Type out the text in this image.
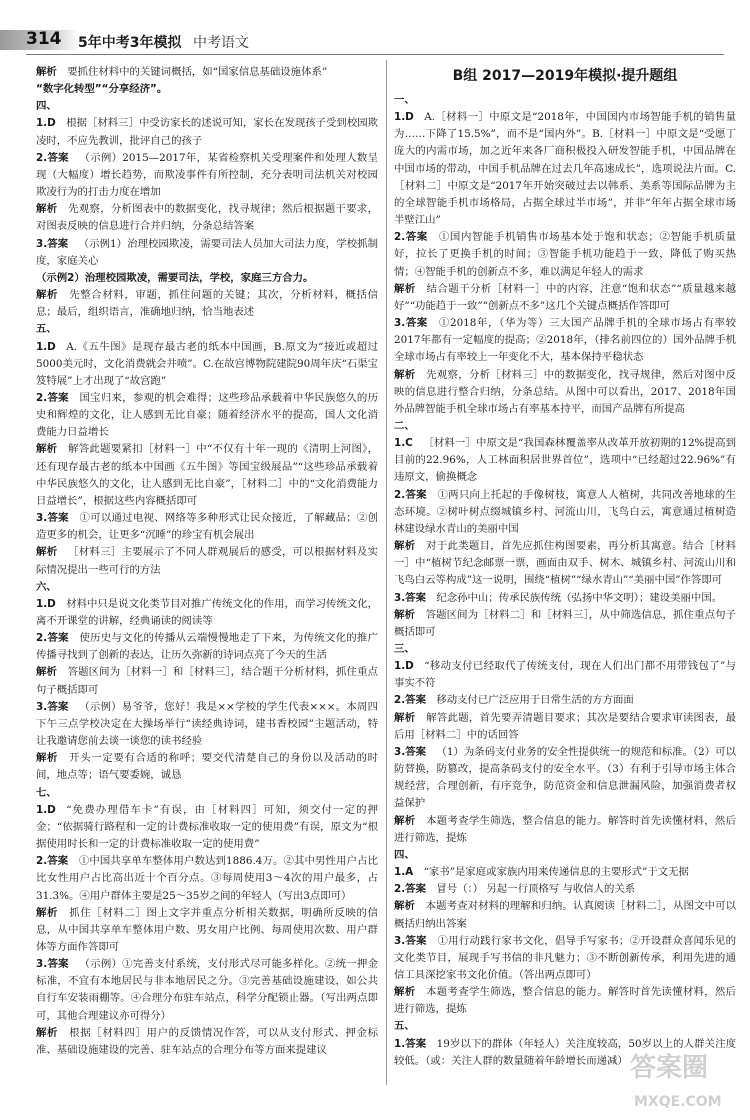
314 5年中考3年模拟 中考语文
解析  要抓住材料中的关键词概括，如“国家信息基础设施体系”
“数字化转型”“分享经济”。
四、
1.D  根据［材料三］中受访家长的述说可知，家长在发现孩子受到校园欺凌时，不应先教训，批评自己的孩子
2.答案  （示例）2015—2017年，某省检察机关受理案件和处理人数呈现（大幅度）增长趋势，而欺凌事件有所控制，充分表明司法机关对校园欺凌行为的打击力度在增加
解析  先观察，分析图表中的数据变化，找寻规律；然后根据题干要求，对图表反映的信息进行合并归纳，分条总结答案
3.答案  （示例1）治理校园欺凌，需要司法人员加大司法力度，学校抓制度，家庭关心
（示例2）治理校园欺凌，需要司法，学校，家庭三方合力。
解析  先整合材料，审题，抓住问题的关键；其次，分析材料，概括信息；最后，组织语言，准确地归纳，恰当地表述
五、
1.D  A.《五牛图》是现存最古老的纸本中国画，B.原文为“接近或超过5000美元时，文化消费就会井喷”。C.在故宫博物院建院90周年庆“石渠宝笈特展”上才出现了“故宫跑”
2.答案  国宝归来，参观的机会难得；这些珍品承载着中华民族悠久的历史和辉煌的文化，让人感到无比自豪；随着经济水平的提高，国人文化消费能力日益增长
解析  解答此题要紧扣［材料一］中“不仅有十年一现的《清明上河图》，还有现存最古老的纸本中国画《五牛图》等国宝级展品”“这些珍品承载着中华民族悠久的文化，让人感到无比自豪”，［材料二］中的“文化消费能力日益增长”，根据这些内容概括即可
3.答案  ①可以通过电视、网络等多种形式让民众接近，了解藏品；②创造更多的机会，让更多“沉睡”的珍宝有机会展出
解析  ［材料三］主要展示了不同人群观展后的感受，可以根据材料及实际情况提出一些可行的方法
六、
1.D  材料中只是说文化类节目对推广传统文化的作用，而学习传统文化，离不开课堂的讲解，经典诵读的阅读等
2.答案  使历史与文化的传播从云端慢慢地走了下来，为传统文化的推广传播寻找到了创新的表达，让历久弥新的诗词点亮了今天的生活
解析  答题区间为［材料一］和［材料三］，结合题干分析材料，抓住重点句子概括即可
3.答案  （示例）易爷爷，您好！我是××学校的学生代表×××。本周四下午三点学校决定在大操场举行“读经典诗词，建书香校园”主题活动，特让我邀请您前去谈一谈您的读书经验
解析  开头一定要有合适的称呼；要交代清楚自己的身份以及活动的时间，地点等；语气要委婉，诚恳
七、
1.D  “免费办理借车卡”有误，由［材料四］可知，须交付一定的押金；“依据骑行路程和一定的计费标准收取一定的使用费”有误，原文为“根据使用时长和一定的计费标准收取一定的使用费”
2.答案  ①中国共享单车整体用户数达到1886.4万。②其中男性用户占比比女性用户占比高出近十个百分点。③每周使用3～4次的用户最多，占31.3%。④用户群体主要是25～35岁之间的年轻人（写出3点即可）
解析  抓住［材料二］图上文字并重点分析相关数据，明确所反映的信息，从中国共享单车整体用户数、男女用户比例、每周使用次数、用户群体等方面作答即可
3.答案  （示例）①完善支付系统，支付形式尽可能多样化。②统一押金标准，不宜有本地居民与非本地居民之分。③完善基础设施建设，如公共自行车安装雨棚等。④合理分布驻车站点，科学分配锁止器。（写出两点即可，其他合理建议亦可得分）
解析  根据［材料四］用户的反馈情况作答，可以从支付形式、押金标准、基础设施建设的完善、驻车站点的合理分布等方面来提建议
B组 2017—2019年模拟·提升题组
一、
1.D  A.［材料一］中原文是“2018年，中国国内市场智能手机的销售量为……下降了15.5%”，而不是“国内外”。B.［材料一］中原文是“受愿丁庞大的内需市场，加之近年来各厂商积极投入研发智能手机，中国品牌在中国市场的带动，中国手机品牌在过去几年高速成长”，选项说法片面。C.［材料二］中原文是“2017年开始突破过去以韩系、美系等国际品牌为主的全球智能手机市场格局，占据全球过半市场”，并非“年年占据全球市场半壁江山”
2.答案  ①国内智能手机销售市场基本处于饱和状态；②智能手机质量好，拉长了更换手机的时间；③智能手机功能趋于一致，降低了购买热情；④智能手机的创新点不多，难以满足年轻人的需求
解析  结合题干分析［材料一］中的内容，注意“饱和状态”“质量越来越好”“功能趋于一致”“创新点不多”这几个关键点概括作答即可
3.答案  ①2018年，（华为等）三大国产品牌手机的全球市场占有率较2017年都有一定幅度的提高；②2018年，（排名前四位的）国外品牌手机全球市场占有率较上一年变化不大，基本保持平稳状态
解析  先观察，分析［材料三］中的数据变化，找寻规律，然后对图中反映的信息进行整合归纳，分条总结。从图中可以看出，2017、2018年国外品牌智能手机全球市场占有率基本持平，而国产品牌有所提高
二、
1.C  ［材料一］中原文是“我国森林覆盖率从改革开放初期的12%提高到目前的22.96%，人工林面积居世界首位”，选项中“已经超过22.96%”有违原文，偷换概念
2.答案  ①两只向上托起的手像树枝，寓意人人植树，共同改善地球的生态环境。②树叶树点缀城镇乡村、河流山川，飞鸟白云，寓意通过植树造林建设绿水青山的美丽中国
解析  对于此类题目，首先应抓住构图要素，再分析其寓意。结合［材料一］中“植树节纪念邮票一票，画面由双手、树木、城镇乡村、河流山川和飞鸟白云等构成”这一说明，围绕“植树”“绿水青山”“美丽中国”作答即可
3.答案  纪念孙中山；传承民族传统（弘扬中华文明）；建设美丽中国。
解析  答题区间为［材料二］和［材料三］，从中筛选信息，抓住重点句子概括即可
三、
1.D  “移动支付已经取代了传统支付，现在人们出门都不用带钱包了”与事实不符
2.答案  移动支付已广泛应用于日常生活的方方面面
解析  解答此题，首先要弄清题目要求；其次是要结合要求审读图表，最后用［材料二］中的话回答
3.答案  （1）为条码支付业务的安全性提供统一的规范和标准。（2）可以防替换，防篡改，提高条码支付的安全水平。（3）有利于引导市场主体合规经营，合理创新，有序竞争，防范资金和信息泄漏风险，加强消费者权益保护
解析  本题考查学生筛选，整合信息的能力。解答时首先读懂材料，然后进行筛选，提炼
四、
1.A  “家书”是家庭或家族内用来传递信息的主要形式”于文无据
2.答案  冒号（：） 另起一行顶格写 与收信人的关系
解析  本题考查对材料的理解和归纳。认真阅读［材料二］，从图文中可以概括归纳出答案
3.答案  ①用行动践行家书文化，倡导手写家书；②开设群众喜闻乐见的文化类节目，展现手写书信的非凡魅力；③不断创新传承，利用先进的通信工具深挖家书文化价值。（答出两点即可）
解析  本题考查学生筛选，整合信息的能力。解答时首先读懂材料，然后进行筛选，提炼
五、
1.答案  19岁以下的群体（年轻人）关注度较高，50岁以上的人群关注度较低。（或：关注人群的数量随着年龄增长而递减） 答案圈
MXQE.COM
